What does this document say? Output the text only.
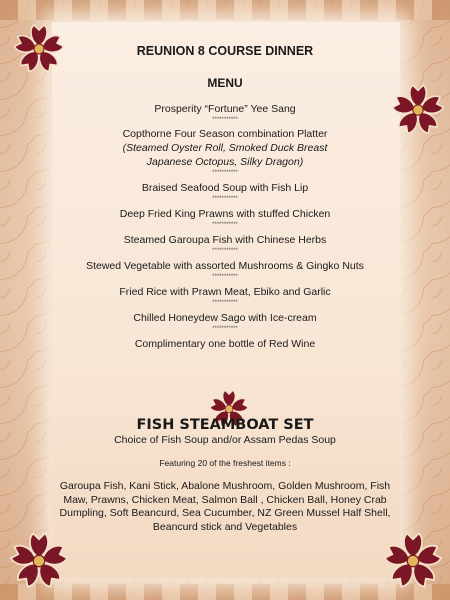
REUNION 8 COURSE DINNER
MENU
Prosperity “Fortune” Yee Sang
***********
Copthorne Four Season combination Platter
(Steamed Oyster Roll, Smoked Duck Breast
Japanese Octopus, Silky Dragon)
***********
Braised Seafood Soup with Fish Lip
***********
Deep Fried King Prawns with stuffed Chicken
***********
Steamed Garoupa Fish with Chinese Herbs
***********
Stewed Vegetable with assorted Mushrooms & Gingko Nuts
***********
Fried Rice with Prawn Meat, Ebiko and Garlic
***********
Chilled Honeydew Sago with Ice-cream
***********
Complimentary one bottle of Red Wine
FISH STEAMBOAT SET
Choice of Fish Soup and/or Assam Pedas Soup
Featuring 20 of the freshest items :
Garoupa Fish, Kani Stick, Abalone Mushroom, Golden Mushroom, Fish Maw, Prawns, Chicken Meat, Salmon Ball , Chicken Ball, Honey Crab Dumpling, Soft Beancurd, Sea Cucumber, NZ Green Mussel Half Shell, Beancurd stick and Vegetables
